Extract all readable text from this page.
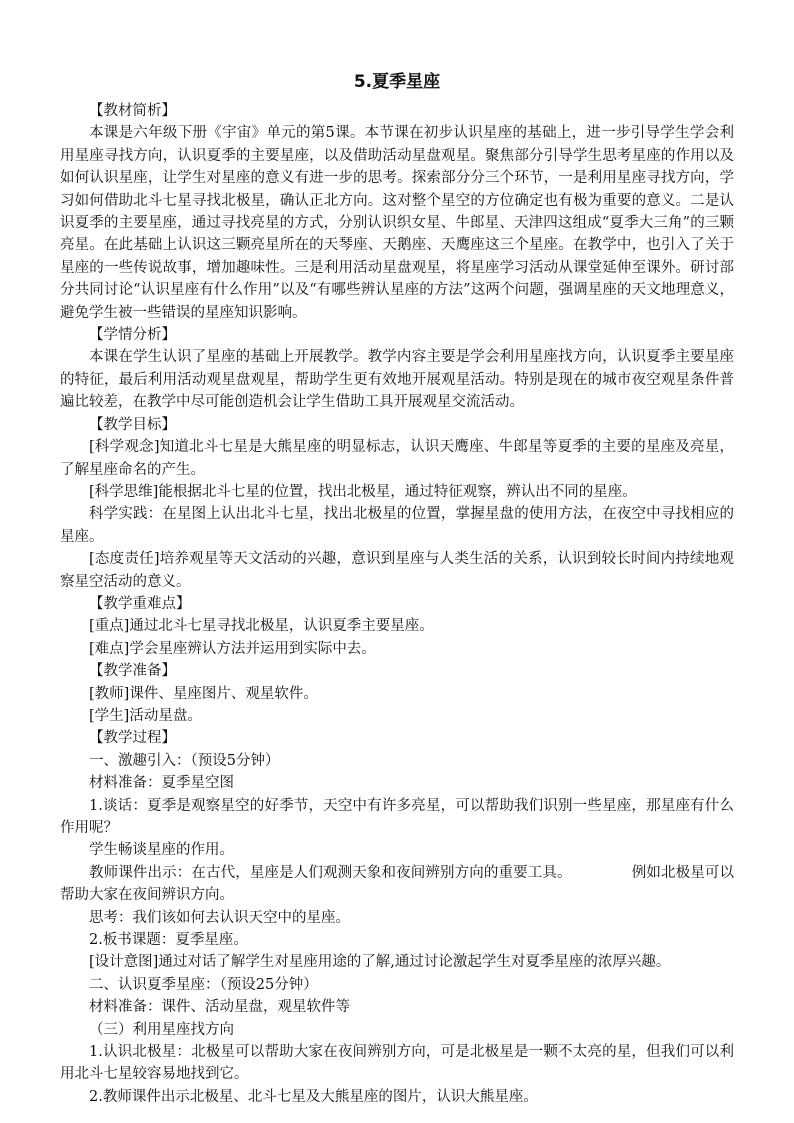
5.夏季星座

【教材简析】

本课是六年级下册《宇宙》单元的第5课。本节课在初步认识星座的基础上，进一步引导学生学会利用星座寻找方向，认识夏季的主要星座，以及借助活动星盘观星。聚焦部分引导学生思考星座的作用以及如何认识星座，让学生对星座的意义有进一步的思考。探索部分分三个环节，一是利用星座寻找方向，学习如何借助北斗七星寻找北极星，确认正北方向。这对整个星空的方位确定也有极为重要的意义。二是认识夏季的主要星座，通过寻找亮星的方式，分别认识织女星、牛郎星、天津四这组成“夏季大三角”的三颗亮星。在此基础上认识这三颗亮星所在的天琴座、天鹅座、天鹰座这三个星座。在教学中，也引入了关于星座的一些传说故事，增加趣味性。三是利用活动星盘观星，将星座学习活动从课堂延伸至课外。研讨部分共同讨论“认识星座有什么作用”以及“有哪些辨认星座的方法”这两个问题，强调星座的天文地理意义，避免学生被一些错误的星座知识影响。

【学情分析】

本课在学生认识了星座的基础上开展教学。教学内容主要是学会利用星座找方向，认识夏季主要星座的特征，最后利用活动观星盘观星，帮助学生更有效地开展观星活动。特别是现在的城市夜空观星条件普遍比较差，在教学中尽可能创造机会让学生借助工具开展观星交流活动。

【教学目标】

[科学观念]知道北斗七星是大熊星座的明显标志，认识天鹰座、牛郎星等夏季的主要的星座及亮星，了解星座命名的产生。

[科学思维]能根据北斗七星的位置，找出北极星，通过特征观察，辨认出不同的星座。

科学实践：在星图上认出北斗七星，找出北极星的位置，掌握星盘的使用方法，在夜空中寻找相应的星座。

[态度责任]培养观星等天文活动的兴趣，意识到星座与人类生活的关系，认识到较长时间内持续地观察星空活动的意义。

【教学重难点】

[重点]通过北斗七星寻找北极星，认识夏季主要星座。

[难点]学会星座辨认方法并运用到实际中去。

【教学准备】

[教师]课件、星座图片、观星软件。

[学生]活动星盘。

【教学过程】

一、激趣引入：（预设5分钟）

材料准备：夏季星空图

1.谈话：夏季是观察星空的好季节，天空中有许多亮星，可以帮助我们识别一些星座，那星座有什么作用呢？

学生畅谈星座的作用。

教师课件出示：在古代，星座是人们观测天象和夜间辨别方向的重要工具。	例如北极星可以帮助大家在夜间辨识方向。

思考：我们该如何去认识天空中的星座。

2.板书课题：夏季星座。

[设计意图]通过对话了解学生对星座用途的了解,通过讨论激起学生对夏季星座的浓厚兴趣。

二、认识夏季星座：（预设25分钟）

材料准备：课件、活动星盘，观星软件等

（三）利用星座找方向

1.认识北极星：北极星可以帮助大家在夜间辨别方向，可是北极星是一颗不太亮的星，但我们可以利用北斗七星较容易地找到它。

2.教师课件出示北极星、北斗七星及大熊星座的图片，认识大熊星座。
